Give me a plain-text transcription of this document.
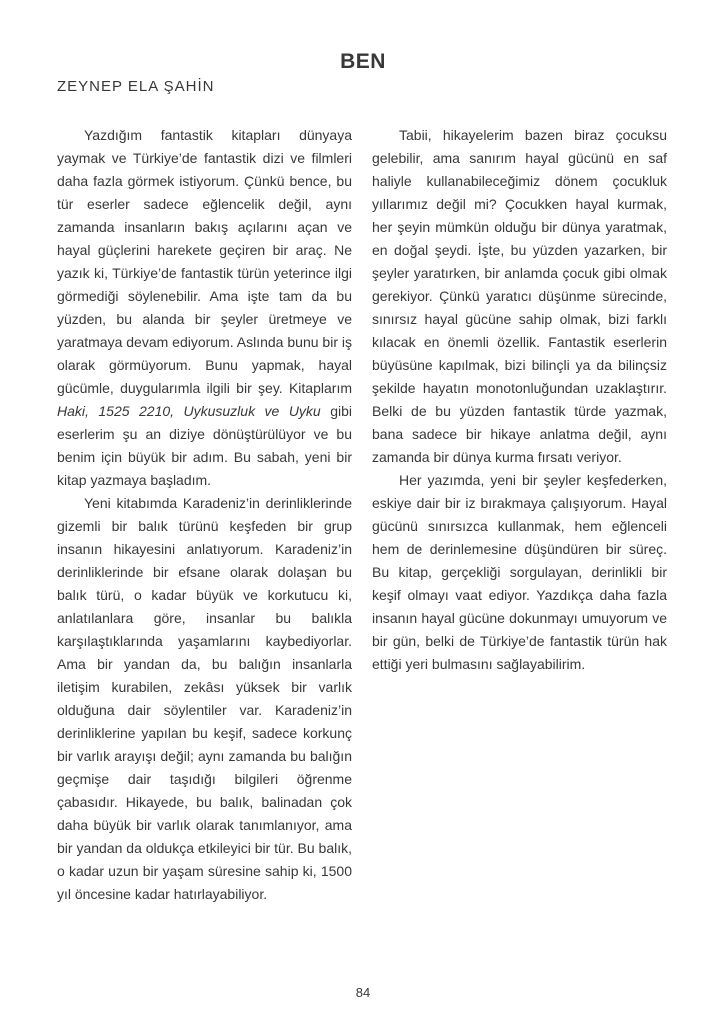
BEN
ZEYNEP ELA ŞAHİN

Yazdığım fantastik kitapları dünyaya yaymak ve Türkiye’de fantastik dizi ve filmleri daha fazla görmek istiyorum. Çünkü bence, bu tür eserler sadece eğlencelik değil, aynı zamanda insanların bakış açılarını açan ve hayal güçlerini harekete geçiren bir araç. Ne yazık ki, Türkiye’de fantastik türün yeterince ilgi görmediği söylenebilir. Ama işte tam da bu yüzden, bu alanda bir şeyler üretmeye ve yaratmaya devam ediyorum. Aslında bunu bir iş olarak görmüyorum. Bunu yapmak, hayal gücümle, duygularımla ilgili bir şey. Kitaplarım Haki, 1525 2210, Uykusuzluk ve Uyku gibi eserlerim şu an diziye dönüştürülüyor ve bu benim için büyük bir adım. Bu sabah, yeni bir kitap yazmaya başladım.

Yeni kitabımda Karadeniz’in derinliklerinde gizemli bir balık türünü keşfeden bir grup insanın hikayesini anlatıyorum. Karadeniz’in derinliklerinde bir efsane olarak dolaşan bu balık türü, o kadar büyük ve korkutucu ki, anlatılanlara göre, insanlar bu balıkla karşılaştıklarında yaşamlarını kaybediyorlar. Ama bir yandan da, bu balığın insanlarla iletişim kurabilen, zekâsı yüksek bir varlık olduğuna dair söylentiler var. Karadeniz’in derinliklerine yapılan bu keşif, sadece korkunç bir varlık arayışı değil; aynı zamanda bu balığın geçmişe dair taşıdığı bilgileri öğrenme çabasıdır. Hikayede, bu balık, balinadan çok daha büyük bir varlık olarak tanımlanıyor, ama bir yandan da oldukça etkileyici bir tür. Bu balık, o kadar uzun bir yaşam süresine sahip ki, 1500 yıl öncesine kadar hatırlayabiliyor.

Tabii, hikayelerim bazen biraz çocuksu gelebilir, ama sanırım hayal gücünü en saf haliyle kullanabileceğimiz dönem çocukluk yıllarımız değil mi? Çocukken hayal kurmak, her şeyin mümkün olduğu bir dünya yaratmak, en doğal şeydi. İşte, bu yüzden yazarken, bir şeyler yaratırken, bir anlamda çocuk gibi olmak gerekiyor. Çünkü yaratıcı düşünme sürecinde, sınırsız hayal gücüne sahip olmak, bizi farklı kılacak en önemli özellik. Fantastik eserlerin büyüsüne kapılmak, bizi bilinçli ya da bilinçsiz şekilde hayatın monotonluğundan uzaklaştırır. Belki de bu yüzden fantastik türde yazmak, bana sadece bir hikaye anlatma değil, aynı zamanda bir dünya kurma fırsatı veriyor.

Her yazımda, yeni bir şeyler keşfederken, eskiye dair bir iz bırakmaya çalışıyorum. Hayal gücünü sınırsızca kullanmak, hem eğlenceli hem de derinlemesine düşündüren bir süreç. Bu kitap, gerçekliği sorgulayan, derinlikli bir keşif olmayı vaat ediyor. Yazdıkça daha fazla insanın hayal gücüne dokunmayı umuyorum ve bir gün, belki de Türkiye’de fantastik türün hak ettiği yeri bulmasını sağlayabilirim.

84
